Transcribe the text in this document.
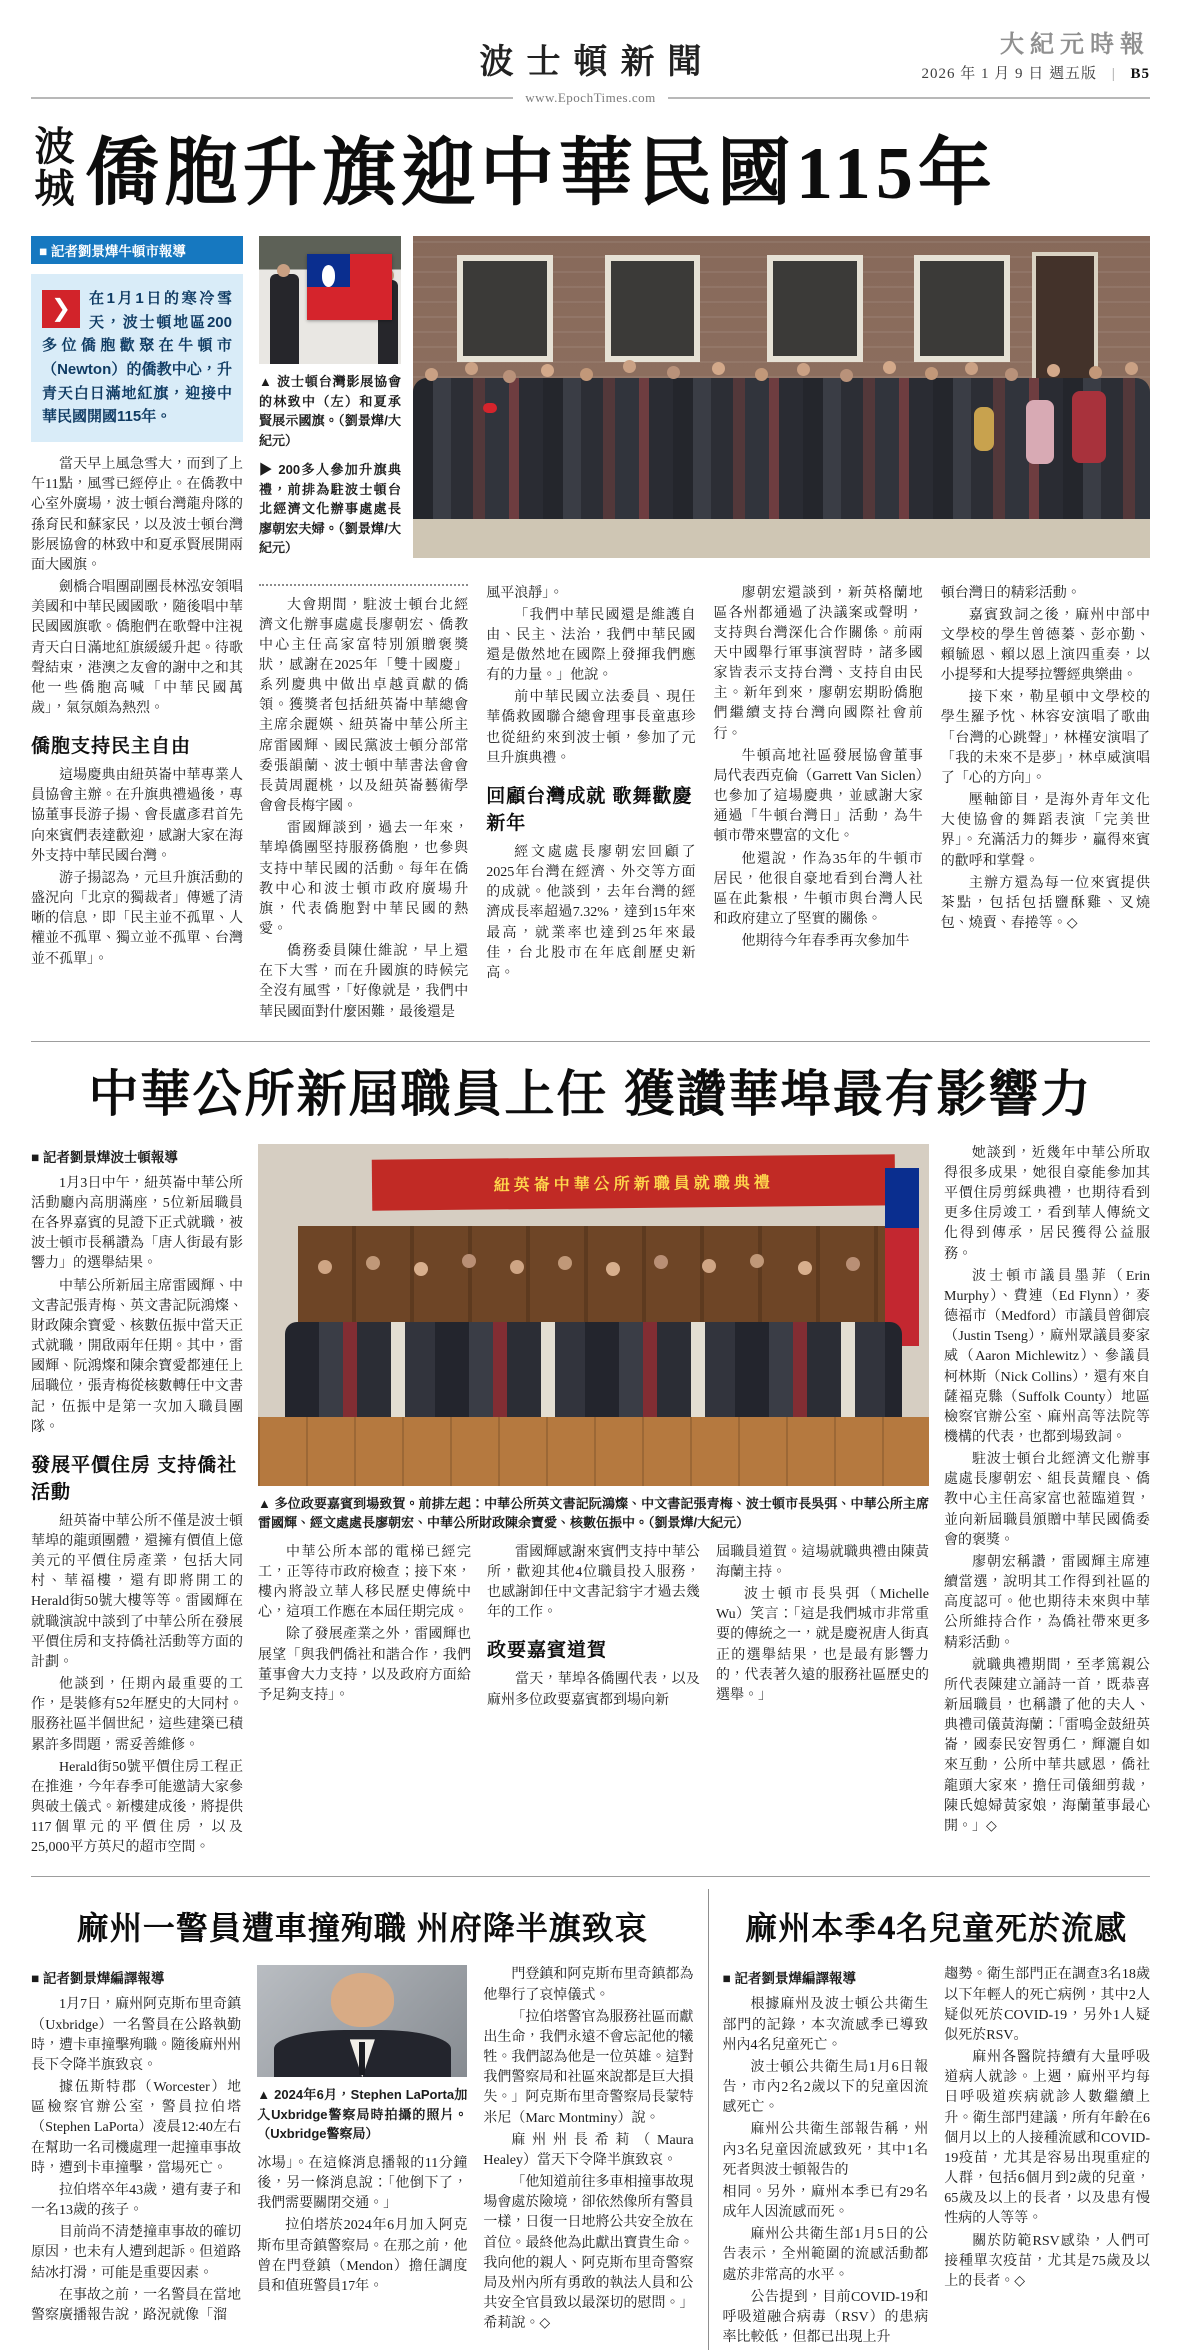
波士頓新聞	大紀元時報
2026 年 1 月 9 日 週五版 | B5
www.EpochTimes.com
波城 僑胞升旗迎中華民國115年
■ 記者劉景燁牛頓市報導
❯	在1月1日的寒冷雪天，波士頓地區200多位僑胞歡聚在牛頓市（Newton）的僑教中心，升青天白日滿地紅旗，迎接中華民國開國115年。

當天早上風急雪大，而到了上午11點，風雪已經停止。在僑教中心室外廣場，波士頓台灣龍舟隊的孫育民和蘇家民，以及波士頓台灣影展協會的林致中和夏承賢展開兩面大國旗。

劍橋合唱團副團長林泓安領唱美國和中華民國國歌，隨後唱中華民國國旗歌。僑胞們在歌聲中注視青天白日滿地紅旗緩緩升起。待歌聲結束，港澳之友會的謝中之和其他一些僑胞高喊「中華民國萬歲」，氣氛頗為熱烈。

僑胞支持民主自由

這場慶典由紐英崙中華專業人員協會主辦。在升旗典禮過後，專協董事長游子揚、會長盧彥君首先向來賓們表達歡迎，感謝大家在海外支持中華民國台灣。

游子揚認為，元旦升旗活動的盛況向「北京的獨裁者」傳遞了清晰的信息，即「民主並不孤單、人權並不孤單、獨立並不孤單、台灣並不孤單」。

▲ 波士頓台灣影展協會的林致中（左）和夏承賢展示國旗。（劉景燁/大紀元）
▶ 200多人參加升旗典禮，前排為駐波士頓台北經濟文化辦事處處長廖朝宏夫婦。（劉景燁/大紀元）

大會期間，駐波士頓台北經濟文化辦事處處長廖朝宏、僑教中心主任高家富特別頒贈褒獎狀，感謝在2025年「雙十國慶」系列慶典中做出卓越貢獻的僑領。獲獎者包括紐英崙中華總會主席余麗媖、紐英崙中華公所主席雷國輝、國民黨波士頓分部常委張韻蘭、波士頓中華書法會會長黃周麗桃，以及紐英崙藝術學會會長梅宇國。

雷國輝談到，過去一年來，華埠僑團堅持服務僑胞，也參與支持中華民國的活動。每年在僑教中心和波士頓市政府廣場升旗，代表僑胞對中華民國的熱愛。

僑務委員陳仕維說，早上還在下大雪，而在升國旗的時候完全沒有風雪，「好像就是，我們中華民國面對什麼困難，最後還是

風平浪靜」。

「我們中華民國還是維護自由、民主、法治，我們中華民國還是傲然地在國際上發揮我們應有的力量。」他說。

前中華民國立法委員、現任華僑救國聯合總會理事長童惠珍也從紐約來到波士頓，參加了元旦升旗典禮。

回顧台灣成就 歌舞歡慶新年

經文處處長廖朝宏回顧了2025年台灣在經濟、外交等方面的成就。他談到，去年台灣的經濟成長率超過7.32%，達到15年來最高，就業率也達到25年來最佳，台北股市在年底創歷史新高。

廖朝宏還談到，新英格蘭地區各州都通過了決議案或聲明，支持與台灣深化合作關係。前兩天中國舉行軍事演習時，諸多國家皆表示支持台灣、支持自由民主。新年到來，廖朝宏期盼僑胞們繼續支持台灣向國際社會前行。

牛頓高地社區發展協會董事局代表西克倫（Garrett Van Siclen）也參加了這場慶典，並感謝大家通過「牛頓台灣日」活動，為牛頓市帶來豐富的文化。

他還說，作為35年的牛頓市居民，他很自豪地看到台灣人社區在此紮根，牛頓市與台灣人民和政府建立了堅實的關係。

他期待今年春季再次參加牛

頓台灣日的精彩活動。

嘉賓致詞之後，麻州中部中文學校的學生曾德蓁、彭亦勤、賴毓恩、賴以恩上演四重奏，以小提琴和大提琴拉響經典樂曲。

接下來，勒星頓中文學校的學生羅予忱、林容安演唱了歌曲「台灣的心跳聲」，林槿安演唱了「我的未來不是夢」，林卓威演唱了「心的方向」。

壓軸節目，是海外青年文化大使協會的舞蹈表演「完美世界」。充滿活力的舞步，贏得來賓的歡呼和掌聲。

主辦方還為每一位來賓提供茶點，包括包括鹽酥雞、叉燒包、燒賣、春捲等。◇

中華公所新屆職員上任 獲讚華埠最有影響力
■ 記者劉景燁波士頓報導

1月3日中午，紐英崙中華公所活動廳內高朋滿座，5位新屆職員在各界嘉賓的見證下正式就職，被波士頓市長稱讚為「唐人街最有影響力」的選舉結果。

中華公所新屆主席雷國輝、中文書記張青梅、英文書記阮鴻燦、財政陳余寶愛、核數伍振中當天正式就職，開啟兩年任期。其中，雷國輝、阮鴻燦和陳余寶愛都連任上屆職位，張青梅從核數轉任中文書記，伍振中是第一次加入職員團隊。

發展平價住房 支持僑社活動

紐英崙中華公所不僅是波士頓華埠的龍頭團體，還擁有價值上億美元的平價住房產業，包括大同村、華福樓，還有即將開工的Herald街50號大樓等等。雷國輝在就職演說中談到了中華公所在發展平價住房和支持僑社活動等方面的計劃。

他談到，任期內最重要的工作，是裝修有52年歷史的大同村。服務社區半個世紀，這些建築已積累許多問題，需妥善維修。

Herald街50號平價住房工程正在推進，今年春季可能邀請大家參與破土儀式。新樓建成後，將提供117個單元的平價住房，以及25,000平方英尺的超市空間。

紐英崙中華公所新職員就職典禮
▲ 多位政要嘉賓到場致賀。前排左起：中華公所英文書記阮鴻燦、中文書記張青梅、波士頓市長吳弭、中華公所主席雷國輝、經文處處長廖朝宏、中華公所財政陳余寶愛、核數伍振中。（劉景燁/大紀元）

中華公所本部的電梯已經完工，正等待市政府檢查；接下來，樓內將設立華人移民歷史傳統中心，這項工作應在本屆任期完成。

除了發展產業之外，雷國輝也展望「與我們僑社和諧合作，我們董事會大力支持，以及政府方面給予足夠支持」。

雷國輝感謝來賓們支持中華公所，歡迎其他4位職員投入服務，也感謝卸任中文書記翁宇才過去幾年的工作。

政要嘉賓道賀

當天，華埠各僑團代表，以及麻州多位政要嘉賓都到場向新

屆職員道賀。這場就職典禮由陳黃海蘭主持。

波士頓市長吳弭（Michelle Wu）笑言：「這是我們城市非常重要的傳統之一，就是慶祝唐人街真正的選舉結果，也是最有影響力的，代表著久遠的服務社區歷史的選舉。」

她談到，近幾年中華公所取得很多成果，她很自豪能參加其平價住房剪綵典禮，也期待看到更多住房竣工，看到華人傳統文化得到傳承，居民獲得公益服務。

波士頓市議員墨菲（Erin Murphy）、費連（Ed Flynn），麥德福市（Medford）市議員曾御宸（Justin Tseng），麻州眾議員麥家威（Aaron Michlewitz）、參議員柯林斯（Nick Collins），還有來自薩福克縣（Suffolk County）地區檢察官辦公室、麻州高等法院等機構的代表，也都到場致詞。

駐波士頓台北經濟文化辦事處處長廖朝宏、組長黃耀良、僑教中心主任高家富也蒞臨道賀，並向新屆職員頒贈中華民國僑委會的褒獎。

廖朝宏稱讚，雷國輝主席連續當選，說明其工作得到社區的高度認可。他也期待未來與中華公所維持合作，為僑社帶來更多精彩活動。

就職典禮期間，至孝篤親公所代表陳建立誦詩一首，既恭喜新屆職員，也稱讚了他的夫人、典禮司儀黃海蘭：「雷鳴金鼓紐英崙，國泰民安智勇仁，輝灑自如來互動，公所中華共感恩，僑社龍頭大家來，擔任司儀細剪裁，陳氏媳婦黃家娘，海蘭董事最心開。」◇

麻州一警員遭車撞殉職 州府降半旗致哀
■ 記者劉景燁編譯報導

1月7日，麻州阿克斯布里奇鎮（Uxbridge）一名警員在公路執勤時，遭卡車撞擊殉職。隨後麻州州長下令降半旗致哀。

據伍斯特郡（Worcester）地區檢察官辦公室，警員拉伯塔（Stephen LaPorta）凌晨12:40左右在幫助一名司機處理一起撞車事故時，遭到卡車撞擊，當場死亡。

拉伯塔卒年43歲，遺有妻子和一名13歲的孩子。

目前尚不清楚撞車事故的確切原因，也未有人遭到起訴。但道路結冰打滑，可能是重要因素。

在事故之前，一名警員在當地警察廣播報告說，路況就像「溜

▲ 2024年6月，Stephen LaPorta加入Uxbridge警察局時拍攝的照片。（Uxbridge警察局）

冰場」。在這條消息播報的11分鐘後，另一條消息說：「他倒下了，我們需要關閉交通。」

拉伯塔於2024年6月加入阿克斯布里奇鎮警察局。在那之前，他曾在門登鎮（Mendon）擔任調度員和值班警員17年。

門登鎮和阿克斯布里奇鎮都為他舉行了哀悼儀式。

「拉伯塔警官為服務社區而獻出生命，我們永遠不會忘記他的犧牲。我們認為他是一位英雄。這對我們警察局和社區來說都是巨大損失。」阿克斯布里奇警察局長蒙特米尼（Marc Montminy）說。

麻州州長希莉（Maura Healey）當天下令降半旗致哀。

「他知道前往多車相撞事故現場會處於險境，卻依然像所有警員一樣，日復一日地將公共安全放在首位。最終他為此獻出寶貴生命。我向他的親人、阿克斯布里奇警察局及州內所有勇敢的執法人員和公共安全官員致以最深切的慰問。」希莉說。◇

麻州本季4名兒童死於流感
■ 記者劉景燁編譯報導

根據麻州及波士頓公共衛生部門的記錄，本次流感季已導致州內4名兒童死亡。

波士頓公共衛生局1月6日報告，市內2名2歲以下的兒童因流感死亡。

麻州公共衛生部報告稱，州內3名兒童因流感致死，其中1名死者與波士頓報告的

相同。另外，麻州本季已有29名成年人因流感而死。

麻州公共衛生部1月5日的公告表示，全州範圍的流感活動都處於非常高的水平。

公告提到，目前COVID-19和呼吸道融合病毒（RSV）的患病率比較低，但都已出現上升

趨勢。衛生部門正在調查3名18歲以下年輕人的死亡病例，其中2人疑似死於COVID-19，另外1人疑似死於RSV。

麻州各醫院持續有大量呼吸道病人就診。上週，麻州平均每日呼吸道疾病就診人數繼續上升。衛生部門建議，所有年齡在6個月以上的人接種流感和COVID-19疫苗，尤其是容易出現重症的人群，包括6個月到2歲的兒童，65歲及以上的長者，以及患有慢性病的人等等。

關於防範RSV感染，人們可接種單次疫苗，尤其是75歲及以上的長者。◇
